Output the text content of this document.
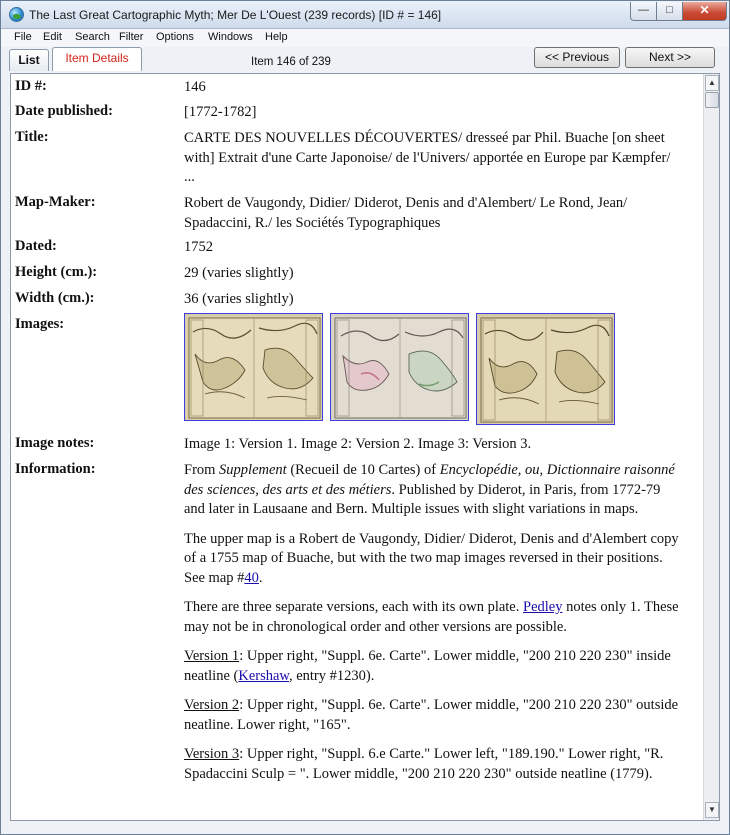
The Last Great Cartographic Myth; Mer De L'Ouest (239 records) [ID # = 146]	—	□	✕
File Edit Search Filter Options Windows Help
List	Item Details	Item 146 of 239	<< Previous	Next >>
ID #:	146
Date published:	[1772-1782]
Title:	CARTE DES NOUVELLES DÉCOUVERTES/ dresseé par Phil. Buache [on sheet with] Extrait d'une Carte Japonoise/ de l'Univers/ apportée en Europe par Kæmpfer/ ...
Map-Maker:	Robert de Vaugondy, Didier/ Diderot, Denis and d'Alembert/ Le Rond, Jean/ Spadaccini, R./ les Sociétés Typographiques
Dated:	1752
Height (cm.):	29 (varies slightly)
Width (cm.):	36 (varies slightly)
Images:
Image notes:	Image 1: Version 1. Image 2: Version 2. Image 3: Version 3.
Information:	From Supplement (Recueil de 10 Cartes) of Encyclopédie, ou, Dictionnaire raisonné des sciences, des arts et des métiers. Published by Diderot, in Paris, from 1772-79 and later in Lausaane and Bern. Multiple issues with slight variations in maps.

The upper map is a Robert de Vaugondy, Didier/ Diderot, Denis and d'Alembert copy of a 1755 map of Buache, but with the two map images reversed in their positions. See map #40.

There are three separate versions, each with its own plate. Pedley notes only 1. These may not be in chronological order and other versions are possible.

Version 1: Upper right, "Suppl. 6e. Carte". Lower middle, "200 210 220 230" inside neatline (Kershaw, entry #1230).

Version 2: Upper right, "Suppl. 6e. Carte". Lower middle, "200 210 220 230" outside neatline. Lower right, "165".

Version 3: Upper right, "Suppl. 6.e Carte." Lower left, "189.190." Lower right, "R. Spadaccini Sculp = ". Lower middle, "200 210 220 230" outside neatline (1779).

▲
▼
